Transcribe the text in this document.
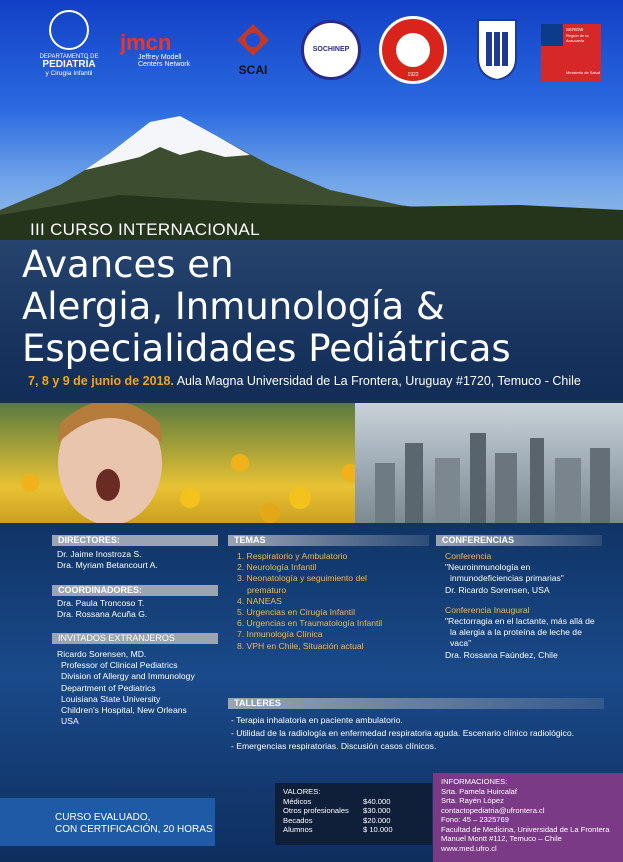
DEPARTAMENTO DE
PEDIATRÍA
y Cirugía Infantil
jmcn
Jeffrey Modell
Centers Network	SCAI
SOCHINEP
1922
SEREMI
Región de la Araucanía
Ministerio de Salud
III CURSO INTERNACIONAL
Avances en
Alergia, Inmunología &
Especialidades Pediátricas
7, 8 y 9 de junio de 2018. Aula Magna Universidad de La Frontera, Uruguay #1720, Temuco - Chile
DIRECTORES:
Dr. Jaime Inostroza S.
Dra. Myriam Betancourt A.
COORDINADORES:
Dra. Paula Troncoso T.
Dra. Rossana Acuña G.
INVITADOS EXTRANJEROS
Ricardo Sorensen, MD.
Professor of Clinical Pediatrics
Division of Allergy and Immunology
Department of Pediatrics
Louisiana State University
Children's Hospital, New Orleans
USA
TEMAS
1. Respiratorio y Ambulatorio
2. Neurología Infantil
3. Neonatología y seguimiento del
prematuro
4. NANEAS
5. Urgencias en Cirugía Infantil
6. Urgencias en Traumatología Infantil
7. Inmunología Clínica
8. VPH en Chile, Situación actual
CONFERENCIAS
Conferencia
"Neuroinmunología en
inmunodeficiencias primarias"
Dr. Ricardo Sorensen, USA
Conferencia Inaugural
"Rectorragia en el lactante, más allá de
la alergia a la proteína de leche de
vaca"
Dra. Rossana Faúndez, Chile
TALLERES
- Terapia inhalatoria en paciente ambulatorio.
- Utilidad de la radiología en enfermedad respiratoria aguda. Escenario clínico radiológico.
- Emergencias respiratorias. Discusión casos clínicos.
CURSO EVALUADO,
CON CERTIFICACIÓN, 20 HORAS
VALORES:
Médicos	$40.000
Otros profesionales $30.000
Becados	$20.000
Alumnos	$ 10.000
INFORMACIONES:
Srta. Pamela Huircalaf
Srta. Rayén López
contactopediatria@ufrontera.cl
Fono: 45 – 2325769
Facultad de Medicina, Universidad de La Frontera
Manuel Montt #112, Temuco – Chile
www.med.ufro.cl
